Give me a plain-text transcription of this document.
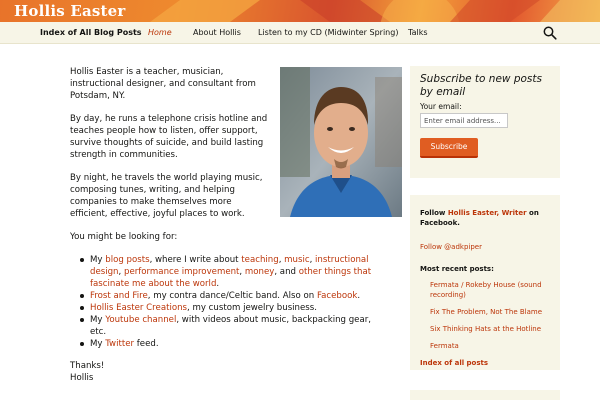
Hollis Easter
Index of All Blog Posts Home	About Hollis Listen to my CD (Midwinter Spring) Talks

Hollis Easter is a teacher, musician, instructional designer, and consultant from Potsdam, NY.

By day, he runs a telephone crisis hotline and teaches people how to listen, offer support, survive thoughts of suicide, and build lasting strength in communities.

By night, he travels the world playing music, composing tunes, writing, and helping companies to make themselves more efficient, effective, joyful places to work.

You might be looking for:

My blog posts, where I write about teaching, music, instructional design, performance improvement, money, and other things that fascinate me about the world.
Frost and Fire, my contra dance/Celtic band. Also on Facebook.
Hollis Easter Creations, my custom jewelry business.
My Youtube channel, with videos about music, backpacking gear, etc.
My Twitter feed.
Thanks!
Hollis
Subscribe to new posts by email
Your email:
Enter email address...
Subscribe
Follow Hollis Easter, Writer on Facebook.
Follow @adkpiper
Most recent posts:
Fermata / Rokeby House (sound recording)
Fix The Problem, Not The Blame
Six Thinking Hats at the Hotline
Fermata
Index of all posts
